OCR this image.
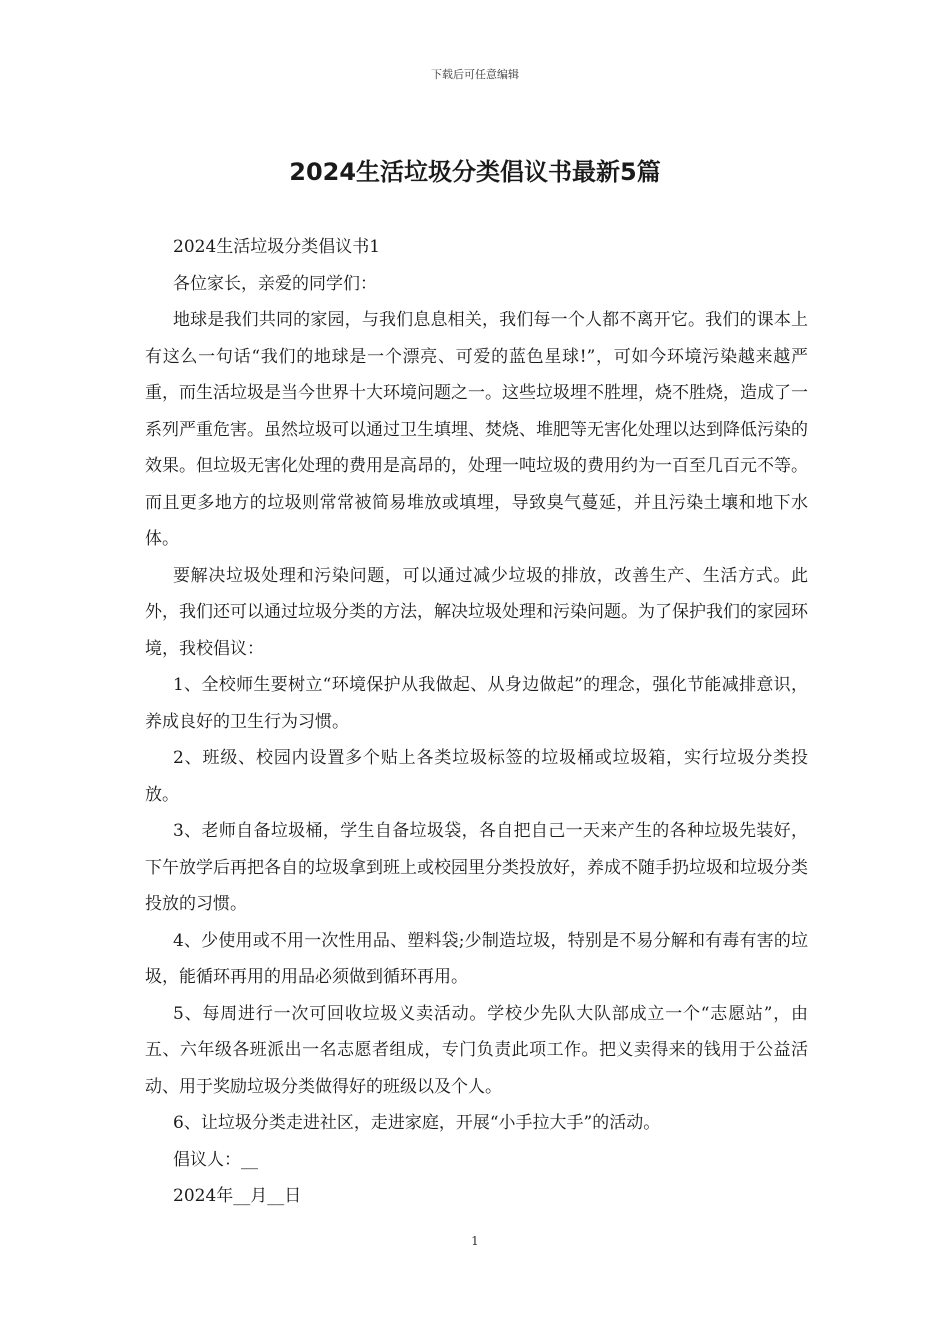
下载后可任意编辑
2024生活垃圾分类倡议书最新5篇

2024生活垃圾分类倡议书1

各位家长，亲爱的同学们：

地球是我们共同的家园，与我们息息相关，我们每一个人都不离开它。我们的课本上有这么一句话“我们的地球是一个漂亮、可爱的蓝色星球!”，可如今环境污染越来越严重，而生活垃圾是当今世界十大环境问题之一。这些垃圾埋不胜埋，烧不胜烧，造成了一系列严重危害。虽然垃圾可以通过卫生填埋、焚烧、堆肥等无害化处理以达到降低污染的效果。但垃圾无害化处理的费用是高昂的，处理一吨垃圾的费用约为一百至几百元不等。而且更多地方的垃圾则常常被简易堆放或填埋，导致臭气蔓延，并且污染土壤和地下水体。

要解决垃圾处理和污染问题，可以通过减少垃圾的排放，改善生产、生活方式。此外，我们还可以通过垃圾分类的方法，解决垃圾处理和污染问题。为了保护我们的家园环境，我校倡议：

1、全校师生要树立“环境保护从我做起、从身边做起”的理念，强化节能减排意识，养成良好的卫生行为习惯。

2、班级、校园内设置多个贴上各类垃圾标签的垃圾桶或垃圾箱，实行垃圾分类投放。

3、老师自备垃圾桶，学生自备垃圾袋，各自把自己一天来产生的各种垃圾先装好，下午放学后再把各自的垃圾拿到班上或校园里分类投放好，养成不随手扔垃圾和垃圾分类投放的习惯。

4、少使用或不用一次性用品、塑料袋;少制造垃圾，特别是不易分解和有毒有害的垃圾，能循环再用的用品必须做到循环再用。

5、每周进行一次可回收垃圾义卖活动。学校少先队大队部成立一个“志愿站”，由五、六年级各班派出一名志愿者组成，专门负责此项工作。把义卖得来的钱用于公益活动、用于奖励垃圾分类做得好的班级以及个人。

6、让垃圾分类走进社区，走进家庭，开展“小手拉大手”的活动。

倡议人：__

2024年__月__日

1
